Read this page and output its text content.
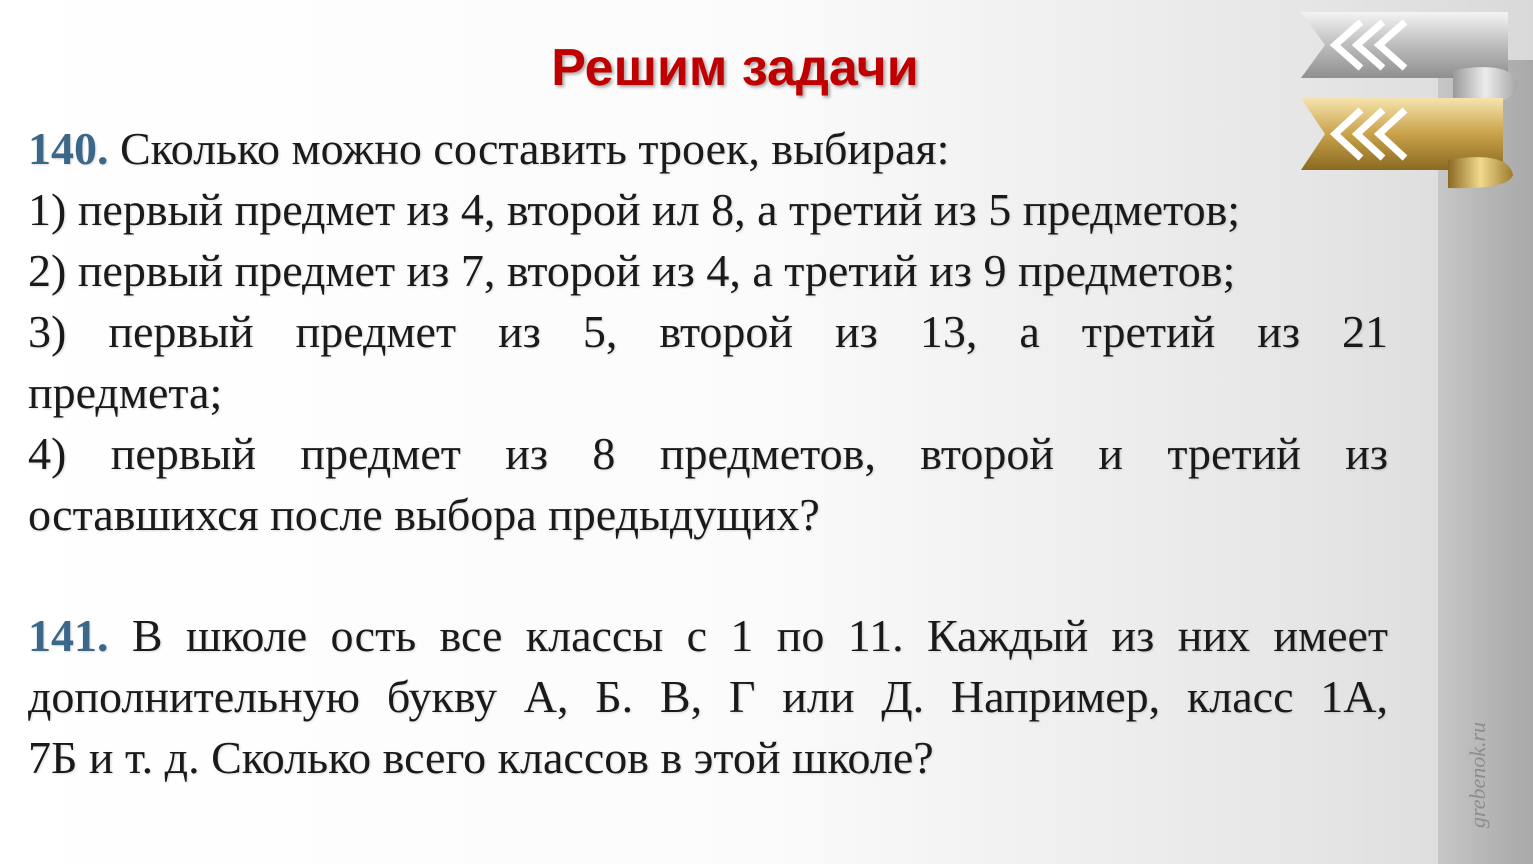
Решим задачи
140. Сколько можно составить троек, выбирая:
1) первый предмет из 4, второй ил 8, а третий из 5 предметов;
2) первый предмет из 7, второй из 4, а третий из 9 предметов;
3) первый предмет из 5, второй из 13, а третий из 21
предмета;
4) первый предмет из 8 предметов, второй и третий из
оставшихся после выбора предыдущих?
141. В школе ость все классы с 1 по 11. Каждый из них имеет
дополнительную букву А, Б. В, Г или Д. Например, класс 1А,
7Б и т. д. Сколько всего классов в этой школе?	grebenok.ru
